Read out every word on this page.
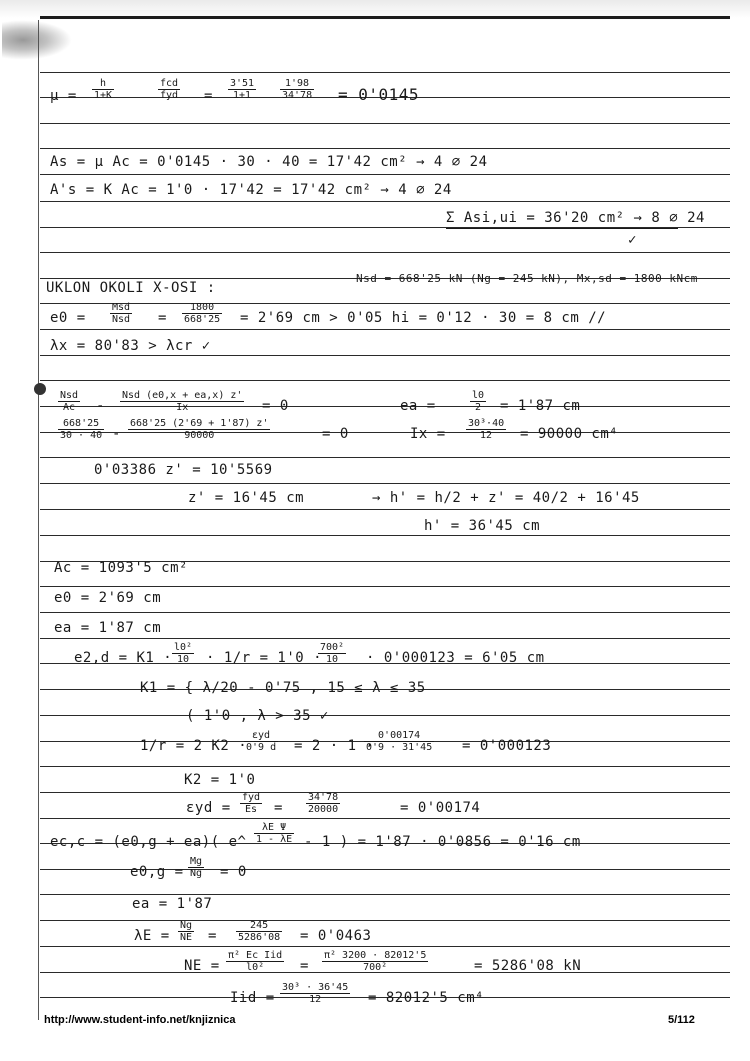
$\mu = \frac{h}{1+K}$	fcd
fyd = $\frac{3'51}{1+1} \frac{1'98}{34'78} = 0'0145$
As = μ Ac = 0'0145 · 30 · 40 = 17'42 cm² → 4 ⌀ 24
A's = K Ac = 1'0 · 17'42 = 17'42 cm² → 4 ⌀ 24
Σ Asi,ui = 36'20 cm² → 8 ⌀ 24
✓
UKLON OKOLI X-OSI :
Nsd = 668'25 kN (Ng = 245 kN), Mx,sd = 1800 kNcm
e0 =
Msd
Nsd = $\frac{1800}{668'25} = 2'69$ cm > 0'05 hi = 0'12 · 30 = 8 cm //
λx = 80'83 > λcr ✓
Nsd
Ac	-
Nsd (e0,x + ea,x) z'
Ix	= 0	ea =	$\frac{l0}{2} = 1'87$ cm
$\frac{668'25}{30 \cdot 40} - \frac{668'25 (2'69 + 1'87) z'}{90000}$	= 0	$Ix = \frac{\text{30³·40}}{12} = 90000$ cm⁴
0'03386 z' = 10'5569
z' = 16'45 cm	→ h' = h/2 + z' = 40/2 + 16'45
h' = 36'45 cm
Ac = 1093'5 cm²
e0 = 2'69 cm
ea = 1'87 cm
$e2,d = K1 \cdot \frac{\text{l0²}}{10} \cdot 1/r = 1'0$ ·
$\frac{\text{700²}}{10} \cdot 0'000123 = 6'05$ cm
K1 = { λ/20 - 0'75 , 15 ≤ λ ≤ 35
( 1'0 , λ > 35 ✓
1/r = 2 K2 ·
εyd
0'9 d = 2 · 1 ·
$\frac{0'00174}{0'9 \cdot 31'45} = 0'000123$
K2 = 1'0
εyd =
fyd
Es	= $\frac{34'78}{20000}$	= 0'00174
ec,c = (e0,g + ea)( e^ $\frac{\text{λE Ψ}}{1 - \lambda E} - 1$ ) = 1'87 · 0'0856 = 0'16 cm
$e0,g = \frac{Mg}{Ng} = 0$
ea = 1'87
$\lambda E = \frac{Ng}{NE} = \frac{245}{5286'08} = 0'0463$
NE =
π² Ec Iid
l0²	= $\frac{\text{π² 3200 · 82012'5}}{\text{700²}}$	= 5286'08 kN
Iid = $\frac{\text{30³ · 36'45}}{12} = 82012'5$ cm⁴
http://www.student-info.net/knjiznica	5/112
